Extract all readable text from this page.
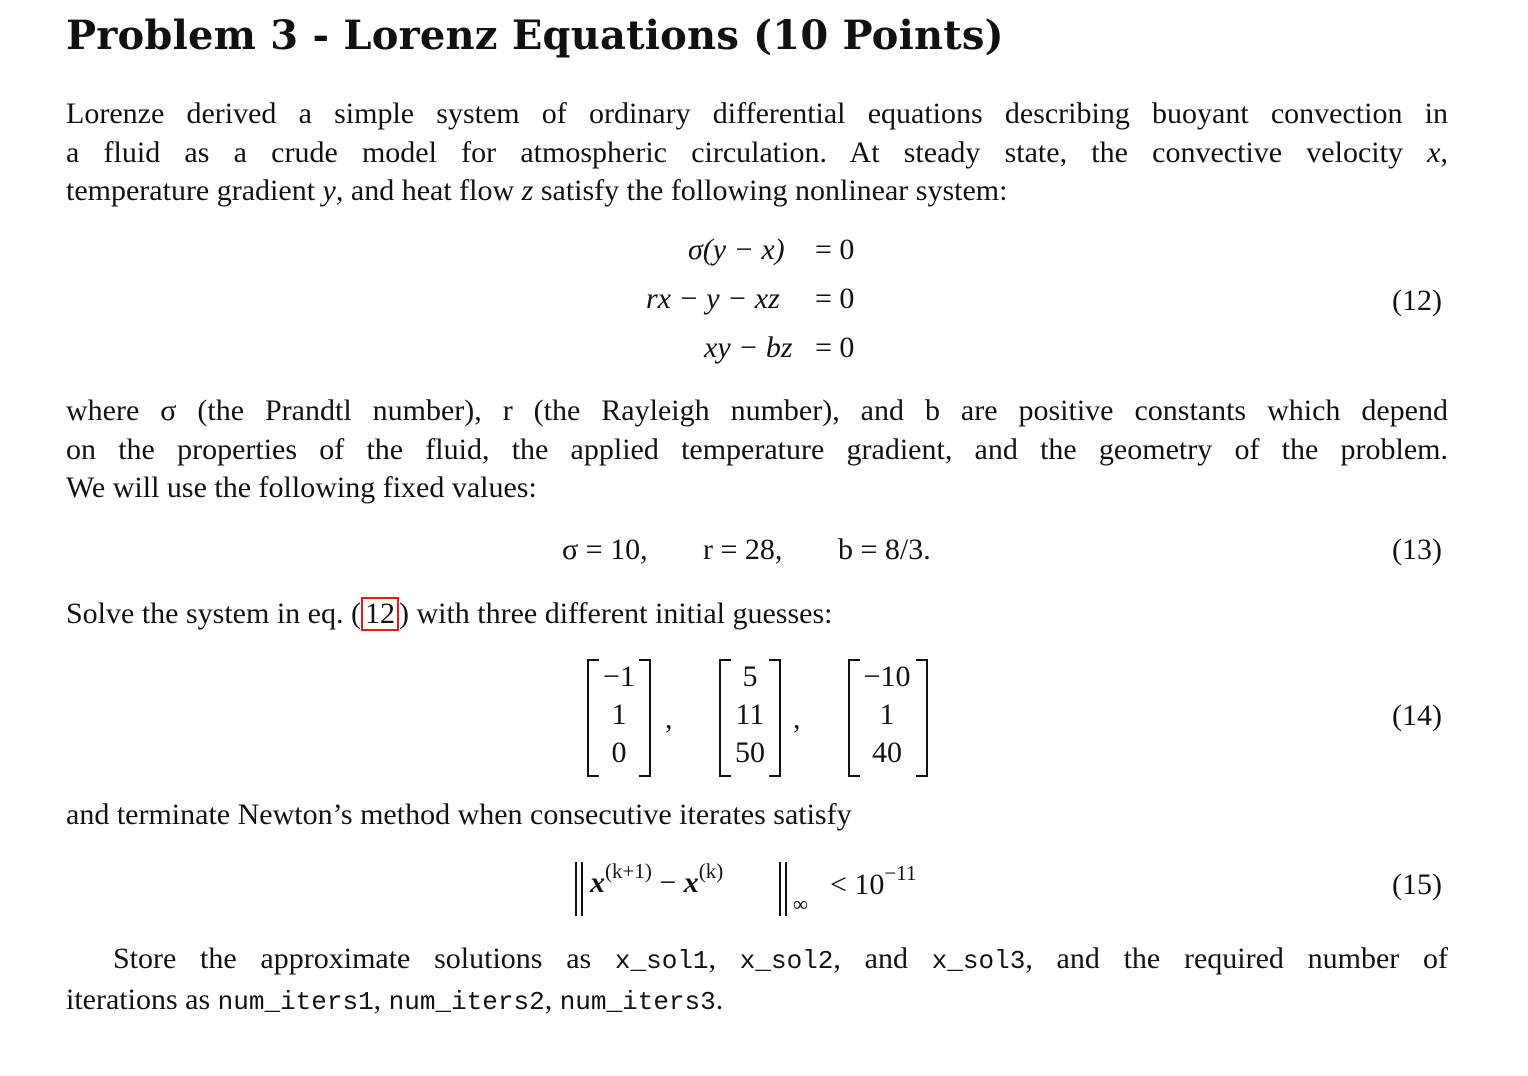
Problem 3 - Lorenz Equations (10 Points)
Lorenze derived a simple system of ordinary differential equations describing buoyant convection in
a fluid as a crude model for atmospheric circulation. At steady state, the convective velocity x,
temperature gradient y, and heat flow z satisfy the following nonlinear system:
σ(y − x) = 0
rx − y − xz = 0
xy − bz = 0
(12)
where σ (the Prandtl number), r (the Rayleigh number), and b are positive constants which depend
on the properties of the fluid, the applied temperature gradient, and the geometry of the problem.
We will use the following fixed values:
σ = 10, r = 28, b = 8/3.	(13)
Solve the system in eq. ( 12 ) with three different initial guesses:
−1
1
0
,
5
11
50
,
−10
1
40
(14)
and terminate Newton’s method when consecutive iterates satisfy
$x^{(k+1)} - x^{(k)}$
∞
< $10^{-11}$	(15)
Store the approximate solutions as x_sol1, x_sol2, and x_sol3, and the required number of
iterations as num_iters1, num_iters2, num_iters3.
